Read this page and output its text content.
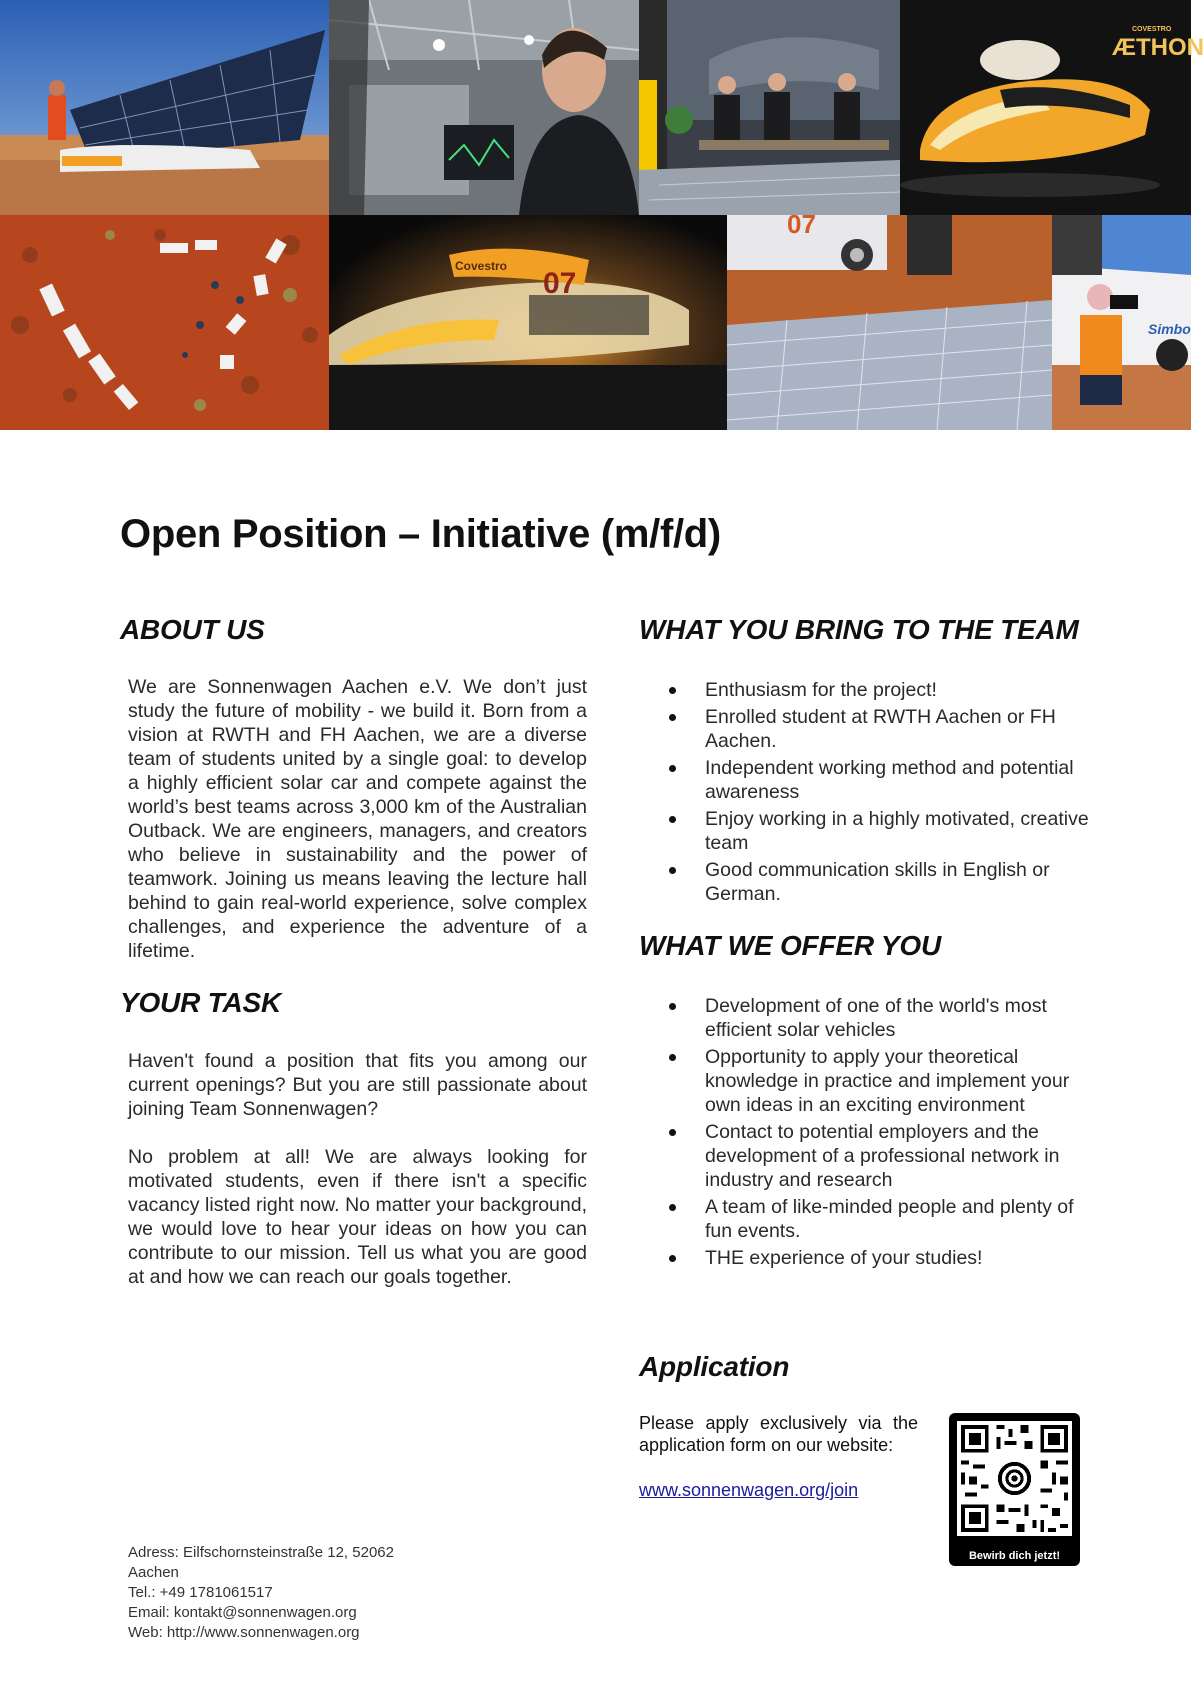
ÆTHON
COVESTRO
07
Covestro
07
Simbo
Open Position – Initiative (m/f/d)
ABOUT US
We are Sonnenwagen Aachen e.V. We don’t just study the future of mobility - we build it. Born from a vision at RWTH and FH Aachen, we are a diverse team of students united by a single goal: to develop a highly efficient solar car and compete against the world’s best teams across 3,000 km of the Australian Outback. We are engineers, managers, and creators who believe in sustainability and the power of teamwork. Joining us means leaving the lecture hall behind to gain real-world experience, solve complex challenges, and experience the adventure of a lifetime.
YOUR TASK
Haven't found a position that fits you among our current openings? But you are still passionate about joining Team Sonnenwagen?
No problem at all! We are always looking for motivated students, even if there isn't a specific vacancy listed right now. No matter your background, we would love to hear your ideas on how you can contribute to our mission. Tell us what you are good at and how we can reach our goals together.
WHAT YOU BRING TO THE TEAM
Enthusiasm for the project!
Enrolled student at RWTH Aachen or FH Aachen.
Independent working method and potential awareness
Enjoy working in a highly motivated, creative team
Good communication skills in English or German.
WHAT WE OFFER YOU
Development of one of the world's most efficient solar vehicles
Opportunity to apply your theoretical knowledge in practice and implement your own ideas in an exciting environment
Contact to potential employers and the development of a professional network in industry and research
A team of like-minded people and plenty of fun events.
THE experience of your studies!
Application
Please apply exclusively via the application form on our website:
www.sonnenwagen.org/join
Bewirb dich jetzt!
Adress: Eilfschornsteinstraße 12, 52062
Aachen
Tel.: +49 1781061517
Email: kontakt@sonnenwagen.org
Web: http://www.sonnenwagen.org
